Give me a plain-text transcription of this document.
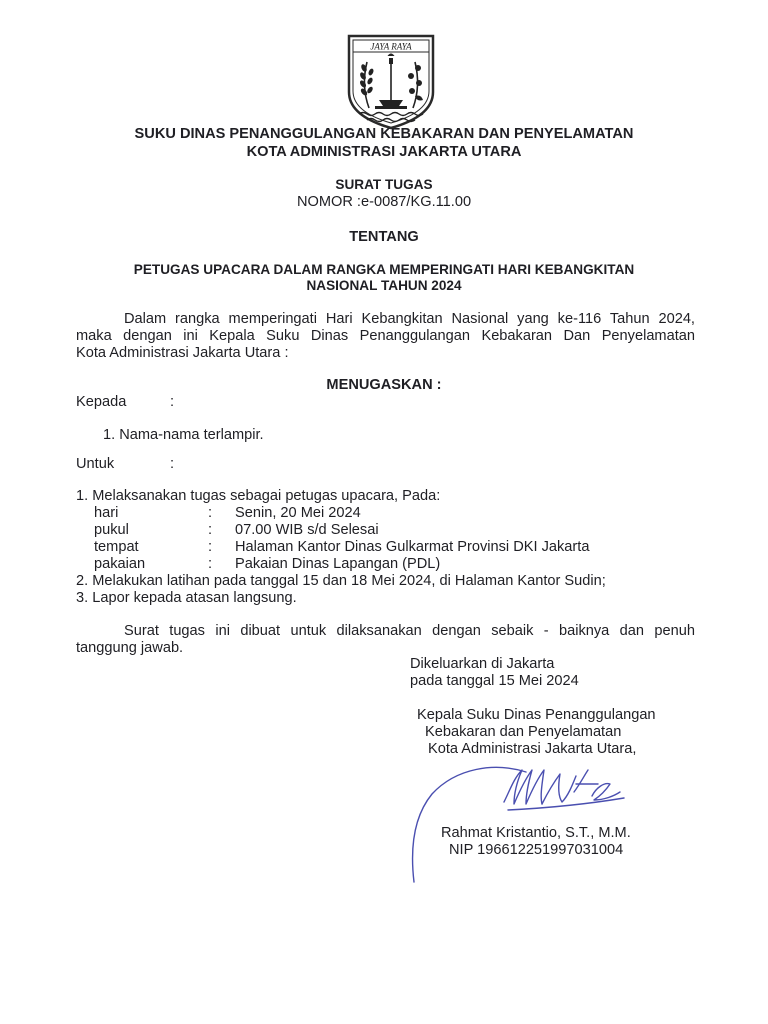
JAYA RAYA
SUKU DINAS PENANGGULANGAN KEBAKARAN DAN PENYELAMATAN
KOTA ADMINISTRASI JAKARTA UTARA
SURAT TUGAS
NOMOR :e-0087/KG.11.00
TENTANG
PETUGAS UPACARA DALAM RANGKA MEMPERINGATI HARI KEBANGKITAN
NASIONAL TAHUN 2024
Dalam rangka memperingati Hari Kebangkitan Nasional yang ke-116 Tahun 2024,
maka dengan ini Kepala Suku Dinas Penanggulangan Kebakaran Dan Penyelamatan
Kota Administrasi Jakarta Utara :
MENUGASKAN :
Kepada	:
1. Nama-nama terlampir.
Untuk	:
1. Melaksanakan tugas sebagai petugas upacara, Pada:
hari	: Senin, 20 Mei 2024
pukul	: 07.00 WIB s/d Selesai
tempat	: Halaman Kantor Dinas Gulkarmat Provinsi DKI Jakarta
pakaian	: Pakaian Dinas Lapangan (PDL)
2. Melakukan latihan pada tanggal 15 dan 18 Mei 2024, di Halaman Kantor Sudin;
3. Lapor kepada atasan langsung.
Surat tugas ini dibuat untuk dilaksanakan dengan sebaik - baiknya dan penuh
tanggung jawab.
Dikeluarkan di Jakarta
pada tanggal 15 Mei 2024
Kepala Suku Dinas Penanggulangan
Kebakaran dan Penyelamatan
Kota Administrasi Jakarta Utara,
Rahmat Kristantio, S.T., M.M.
NIP 196612251997031004
